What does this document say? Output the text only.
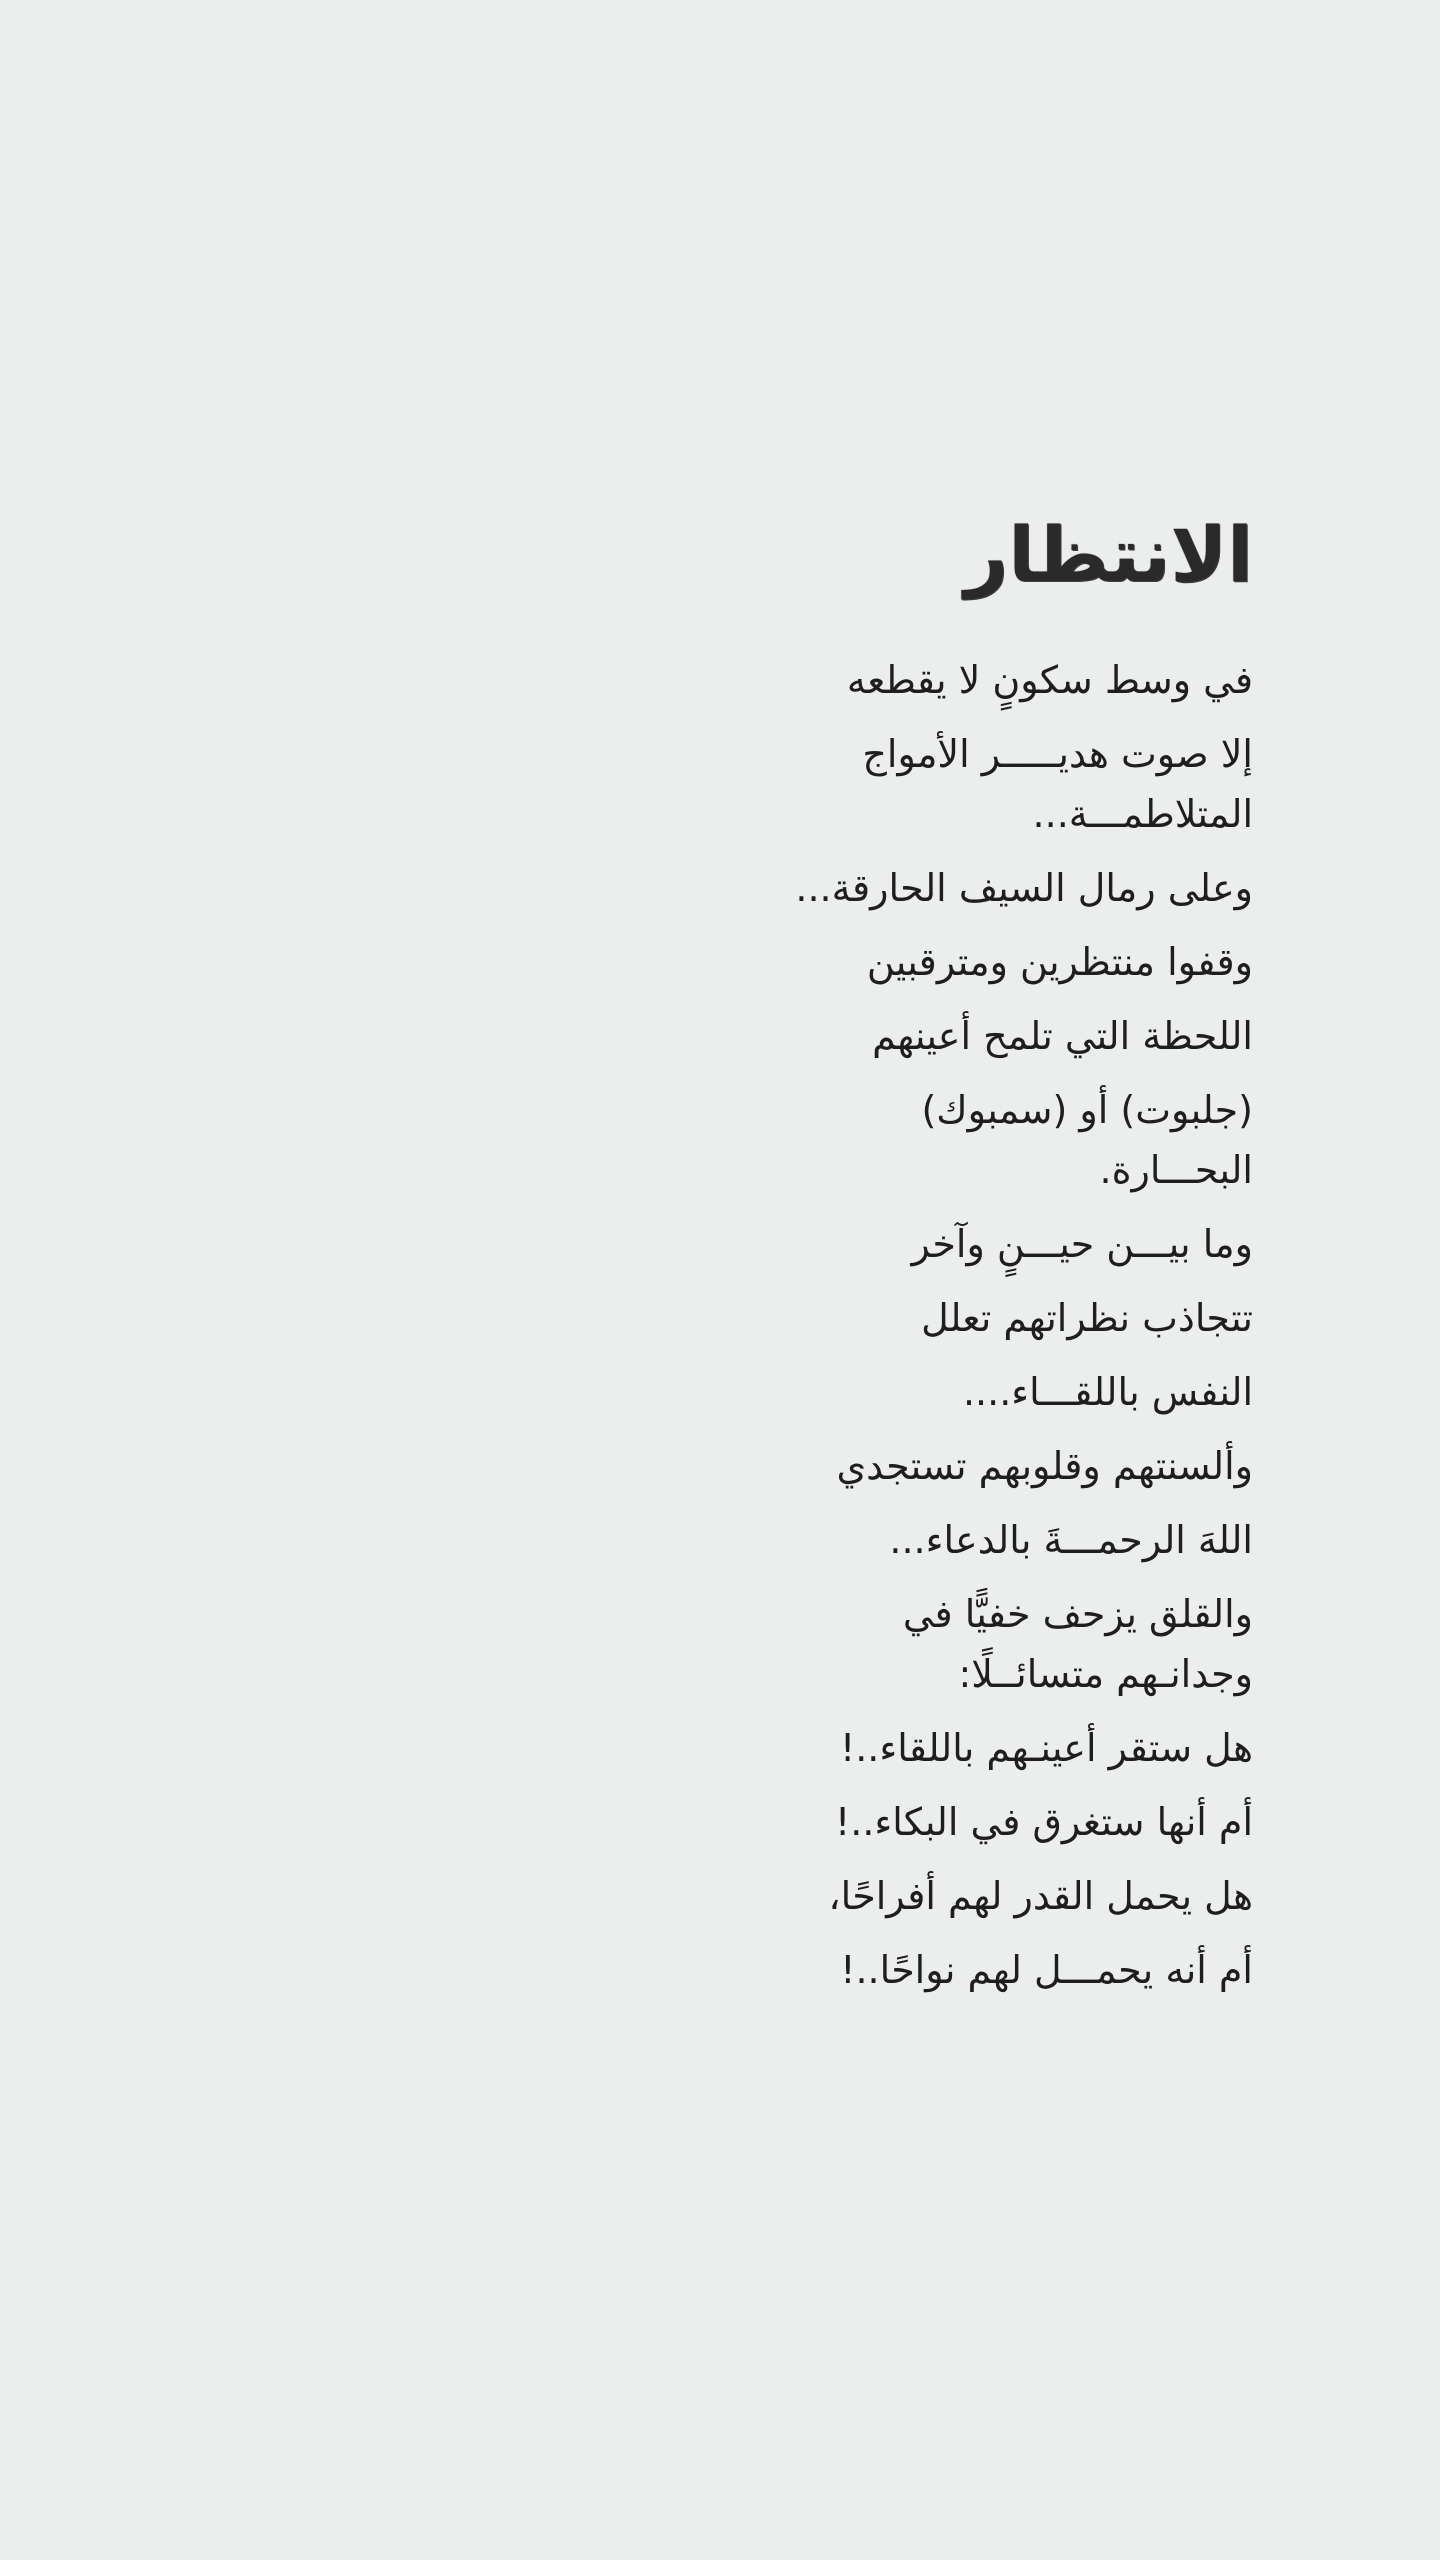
الانتظار
في وسط سكونٍ لا يقطعه
إلا صوت هديـــــر الأمواج
المتلاطمـــة...
وعلى رمال السيف الحارقة...
وقفوا منتظرين ومترقبين
اللحظة التي تلمح أعينهم
(جلبوت) أو (سمبوك)
البحـــارة.
وما بيـــن حيـــنٍ وآخر
تتجاذب نظراتهم تعلل
النفس باللقـــاء....
وألسنتهم وقلوبهم تستجدي
اللهَ الرحمـــةَ بالدعاء...
والقلق يزحف خفيًّا في
وجدانـهم متسائــلًا:
هل ستقر أعينـهم باللقاء..!
أم أنها ستغرق في البكاء..!
هل يحمل القدر لهم أفراحًا،
أم أنه يحمـــل لهم نواحًا..!
